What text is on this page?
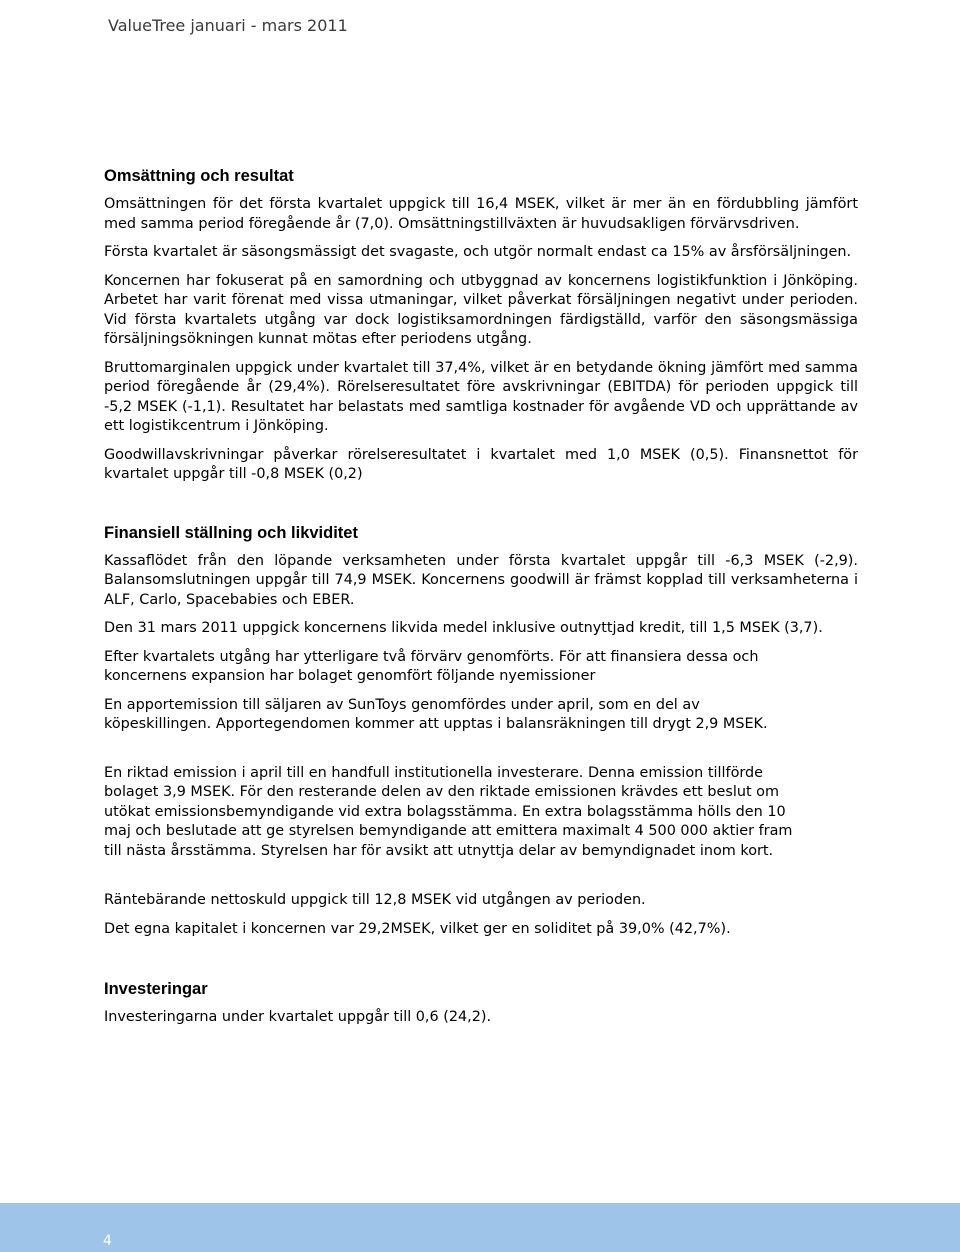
ValueTree januari - mars 2011
Omsättning och resultat

Omsättningen för det första kvartalet uppgick till 16,4 MSEK, vilket är mer än en fördubbling jämfört med samma period föregående år (7,0). Omsättningstillväxten är huvudsakligen förvärvsdriven.

Första kvartalet är säsongsmässigt det svagaste, och utgör normalt endast ca 15% av årsförsäljningen.

Koncernen har fokuserat på en samordning och utbyggnad av koncernens logistikfunktion i Jönköping. Arbetet har varit förenat med vissa utmaningar, vilket påverkat försäljningen negativt under perioden. Vid första kvartalets utgång var dock logistiksamordningen färdigställd, varför den säsongsmässiga försäljningsökningen kunnat mötas efter periodens utgång.

Bruttomarginalen uppgick under kvartalet till 37,4%, vilket är en betydande ökning jämfört med samma period föregående år (29,4%). Rörelseresultatet före avskrivningar (EBITDA) för perioden uppgick till -5,2 MSEK (-1,1). Resultatet har belastats med samtliga kostnader för avgående VD och upprättande av ett logistikcentrum i Jönköping.

Goodwillavskrivningar påverkar rörelseresultatet i kvartalet med 1,0 MSEK (0,5). Finansnettot för kvartalet uppgår till -0,8 MSEK (0,2)

Finansiell ställning och likviditet

Kassaflödet från den löpande verksamheten under första kvartalet uppgår till -6,3 MSEK (-2,9). Balansomslutningen uppgår till 74,9 MSEK. Koncernens goodwill är främst kopplad till verksamheterna i ALF, Carlo, Spacebabies och EBER.

Den 31 mars 2011 uppgick koncernens likvida medel inklusive outnyttjad kredit, till 1,5 MSEK (3,7).

Efter kvartalets utgång har ytterligare två förvärv genomförts. För att finansiera dessa och koncernens expansion har bolaget genomfört följande nyemissioner

En apportemission till säljaren av SunToys genomfördes under april, som en del av köpeskillingen. Apportegendomen kommer att upptas i balansräkningen till drygt 2,9 MSEK.

En riktad emission i april till en handfull institutionella investerare. Denna emission tillförde bolaget 3,9 MSEK. För den resterande delen av den riktade emissionen krävdes ett beslut om utökat emissionsbemyndigande vid extra bolagsstämma. En extra bolagsstämma hölls den 10 maj och beslutade att ge styrelsen bemyndigande att emittera maximalt 4 500 000 aktier fram till nästa årsstämma. Styrelsen har för avsikt att utnyttja delar av bemyndignadet inom kort.

Räntebärande nettoskuld uppgick till 12,8 MSEK vid utgången av perioden.

Det egna kapitalet i koncernen var 29,2MSEK, vilket ger en soliditet på 39,0% (42,7%).

Investeringar

Investeringarna under kvartalet uppgår till 0,6 (24,2).

4
